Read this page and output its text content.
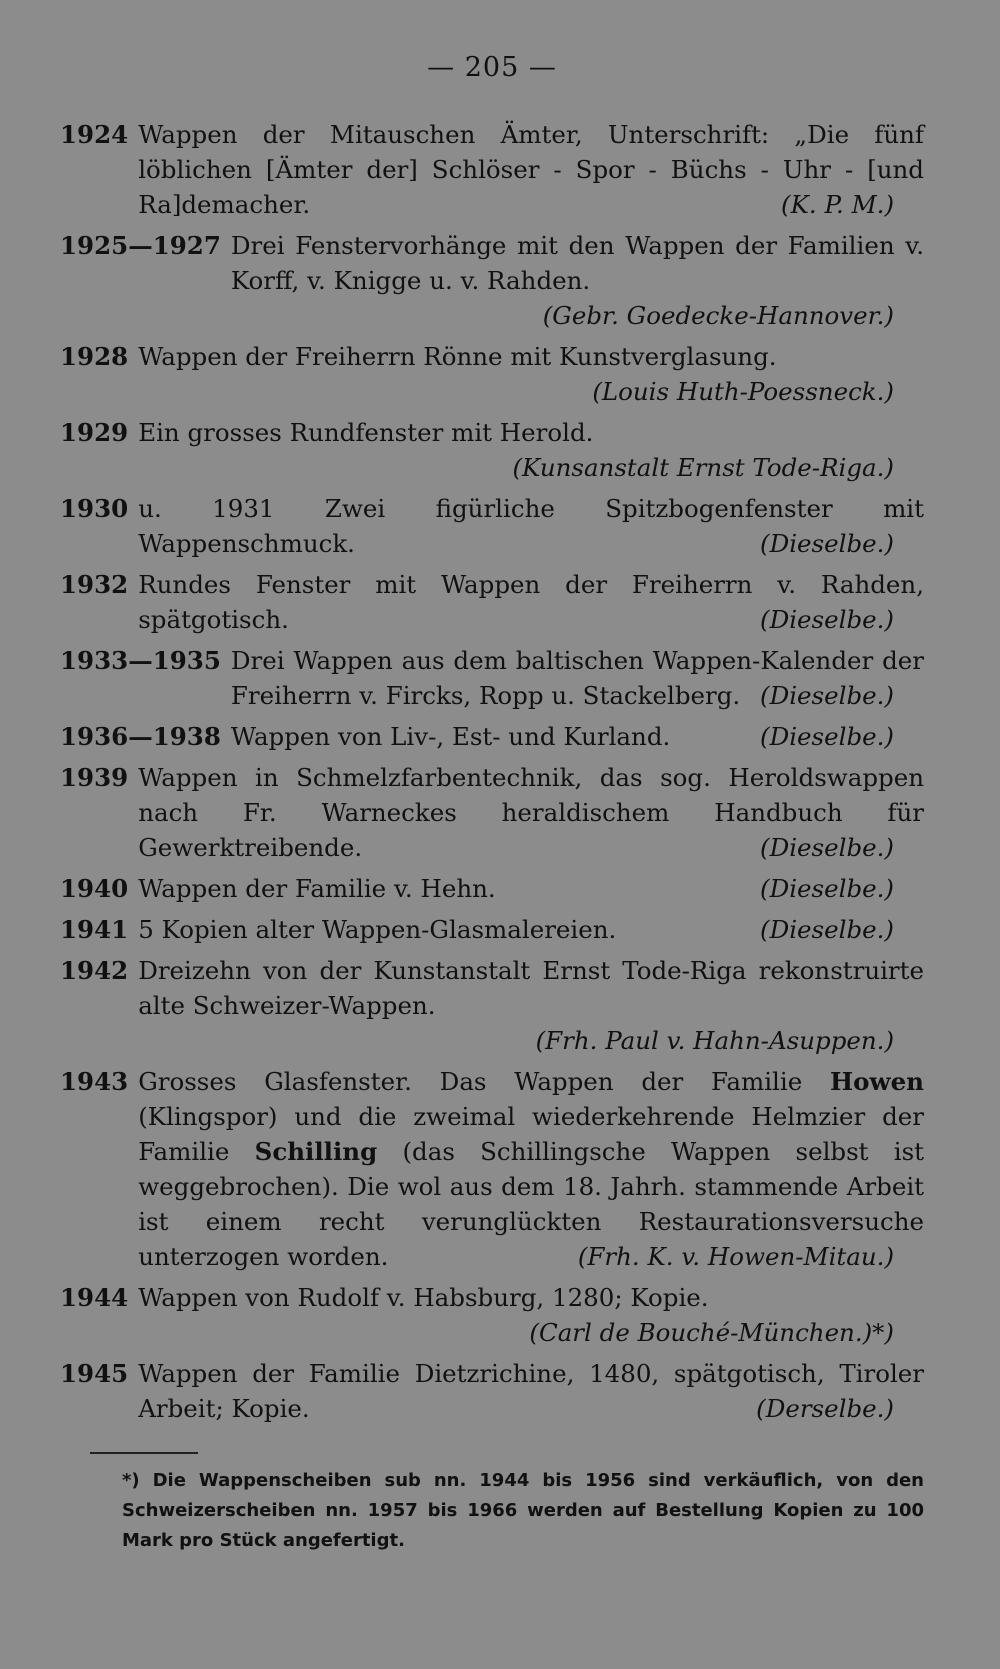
— 205 —
1924 Wappen der Mitauschen Ämter, Unterschrift: „Die fünf löblichen [Ämter der] Schlöser - Spor - Büchs - Uhr - [und Ra]demacher.	(K. P. M.)
1925—1927 Drei Fenstervorhänge mit den Wappen der Familien v. Korff, v. Knigge u. v. Rahden.
(Gebr. Goedecke-Hannover.)
1928 Wappen der Freiherrn Rönne mit Kunstverglasung.
(Louis Huth-Poessneck.)
1929 Ein grosses Rundfenster mit Herold.
(Kunsanstalt Ernst Tode-Riga.)
1930 u. 1931 Zwei figürliche Spitzbogenfenster mit Wappenschmuck.	(Dieselbe.)
1932 Rundes Fenster mit Wappen der Freiherrn v. Rahden, spätgotisch.	(Dieselbe.)
1933—1935 Drei Wappen aus dem baltischen Wappen-Kalender der Freiherrn v. Fircks, Ropp u. Stackelberg. (Dieselbe.)
1936—1938 Wappen von Liv-, Est- und Kurland.	(Dieselbe.)
1939 Wappen in Schmelzfarbentechnik, das sog. Heroldswappen nach Fr. Warneckes heraldischem Handbuch für Gewerktreibende.	(Dieselbe.)
1940 Wappen der Familie v. Hehn.	(Dieselbe.)
1941 5 Kopien alter Wappen-Glasmalereien.	(Dieselbe.)
1942 Dreizehn von der Kunstanstalt Ernst Tode-Riga rekonstruirte alte Schweizer-Wappen.
(Frh. Paul v. Hahn-Asuppen.)
1943 Grosses Glasfenster. Das Wappen der Familie Howen (Klingspor) und die zweimal wiederkehrende Helmzier der Familie Schilling (das Schillingsche Wappen selbst ist weggebrochen). Die wol aus dem 18. Jahrh. stammende Arbeit ist einem recht verunglückten Restaurationsversuche unterzogen worden.	(Frh. K. v. Howen-Mitau.)
1944 Wappen von Rudolf v. Habsburg, 1280; Kopie.
(Carl de Bouché-München.)*)
1945 Wappen der Familie Dietzrichine, 1480, spätgotisch, Tiroler Arbeit; Kopie.	(Derselbe.)
*) Die Wappenscheiben sub nn. 1944 bis 1956 sind verkäuflich, von den Schweizerscheiben nn. 1957 bis 1966 werden auf Bestellung Kopien zu 100 Mark pro Stück angefertigt.
